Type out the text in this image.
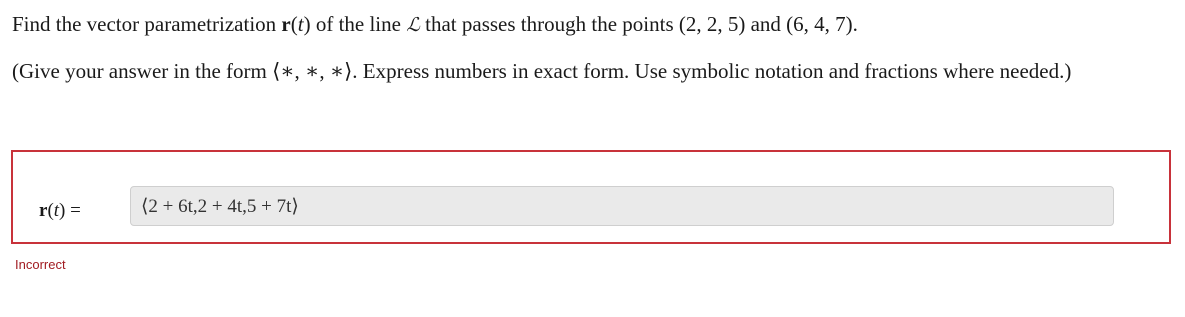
Find the vector parametrization r(t) of the line ℒ that passes through the points (2, 2, 5) and (6, 4, 7).
(Give your answer in the form ⟨∗, ∗, ∗⟩. Express numbers in exact form. Use symbolic notation and fractions where needed.)
r(t) =	⟨2 + 6t,2 + 4t,5 + 7t⟩
Incorrect
